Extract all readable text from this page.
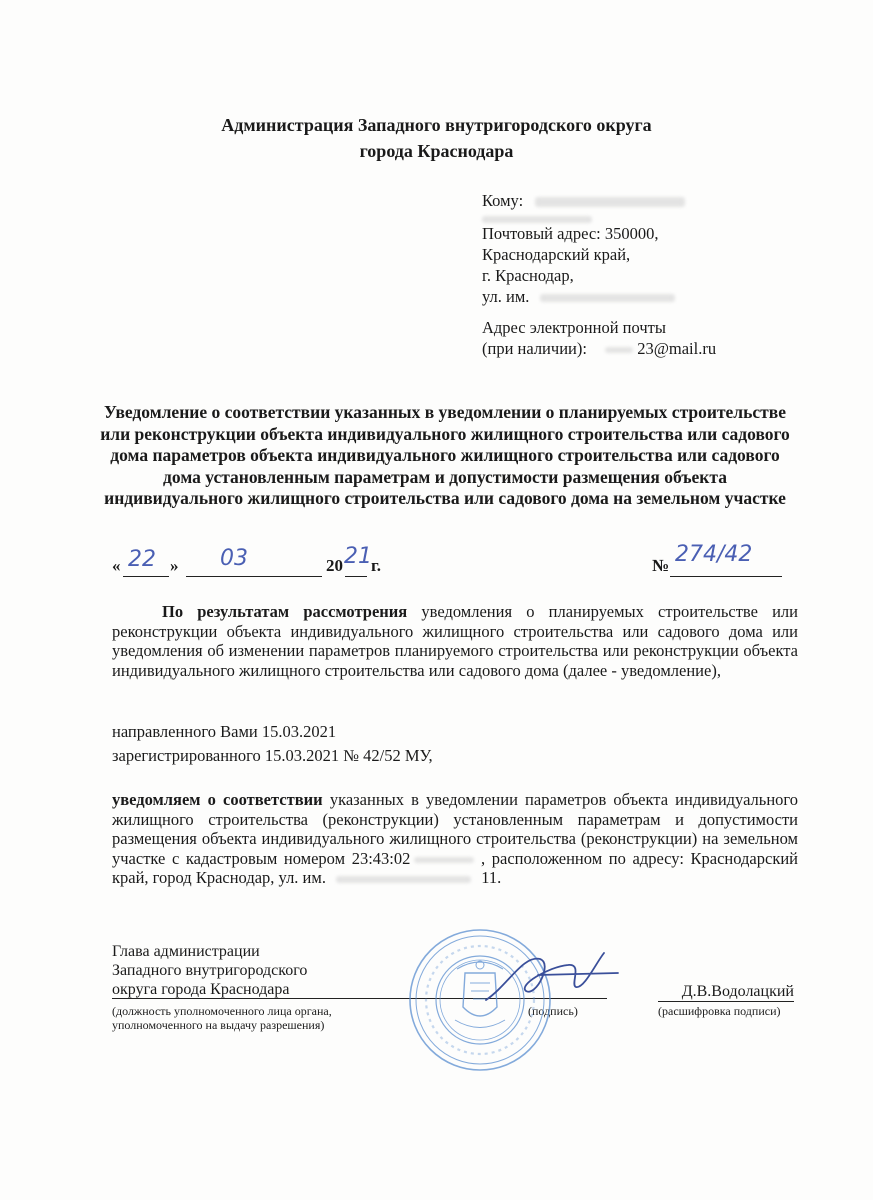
Администрация Западного внутригородского округа
города Краснодара
Кому:
Почтовый адрес: 350000,
Краснодарский край,
г. Краснодар,
ул. им.
Адрес электронной почты
(при наличии):	23@mail.ru
Уведомление о соответствии указанных в уведомлении о планируемых строительстве или реконструкции объекта индивидуального жилищного строительства или садового дома параметров объекта индивидуального жилищного строительства или садового дома установленным параметрам и допустимости размещения объекта индивидуального жилищного строительства или садового дома на земельном участке
« 22 » 03	20 21 г.	№ 274/42
По результатам рассмотрения уведомления о планируемых строительстве или реконструкции объекта индивидуального жилищного строительства или садового дома или уведомления об изменении параметров планируемого строительства или реконструкции объекта индивидуального жилищного строительства или садового дома (далее - уведомление),
направленного Вами 15.03.2021
зарегистрированного 15.03.2021 № 42/52 МУ,
уведомляем о соответствии указанных в уведомлении параметров объекта индивидуального жилищного строительства (реконструкции) установленным параметрам и допустимости размещения объекта индивидуального жилищного строительства (реконструкции) на земельном участке с кадастровым номером 23:43:02	, расположенном по адресу: Краснодарский край, город Краснодар, ул. им.	11.
Глава администрации
Западного внутригородского
округа города Краснодара
(должность уполномоченного лица органа,
уполномоченного на выдачу разрешения)
(подпись)
Д.В.Водолацкий
(расшифровка подписи)
